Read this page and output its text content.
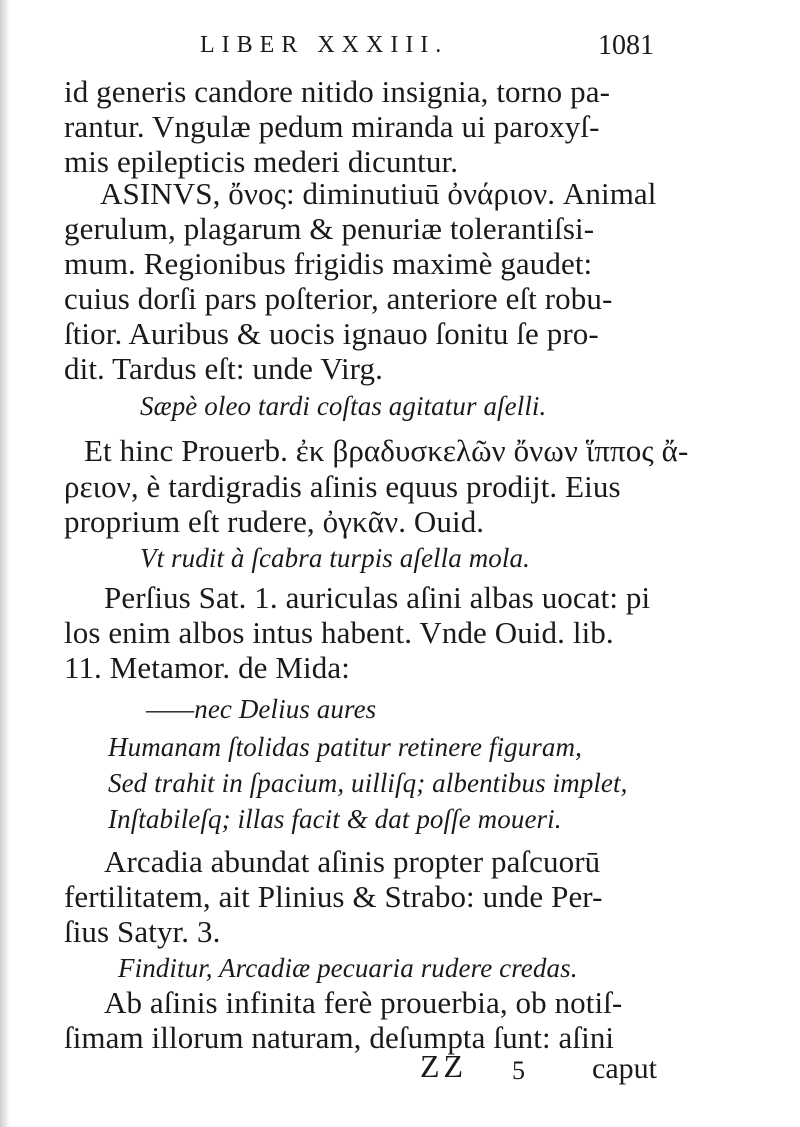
LIBER XXXIII.	1081
id generis candore nitido insignia, torno pa-
rantur. Vngulæ pedum miranda ui paroxyſ-
mis epilepticis mederi dicuntur.
ASINVS, ὄνος: diminutiuū ὀνάριον. Animal
gerulum, plagarum & penuriæ tolerantiſsi-
mum. Regionibus frigidis maximè gaudet:
cuius dorſi pars poſterior, anteriore eſt robu-
ſtior. Auribus & uocis ignauo ſonitu ſe pro-
dit. Tardus eſt: unde Virg.
Sæpè oleo tardi coſtas agitatur aſelli.
Et hinc Prouerb. ἐκ βραδυσκελῶν ὄνων ἵππος ἄ-
ρειον, è tardigradis aſinis equus prodijt. Eius
proprium eſt rudere, ὀγκᾶν. Ouid.
Vt rudit à ſcabra turpis aſella mola.
Perſius Sat. 1. auriculas aſini albas uocat: pi
los enim albos intus habent. Vnde Ouid. lib.
11. Metamor. de Mida:
——nec Delius aures
Humanam ſtolidas patitur retinere figuram,
Sed trahit in ſpacium, uilliſq; albentibus implet,
Inſtabileſq; illas facit & dat poſſe moueri.
Arcadia abundat aſinis propter paſcuorū
fertilitatem, ait Plinius & Strabo: unde Per-
ſius Satyr. 3.
Finditur, Arcadiæ pecuaria rudere credas.
Ab aſinis infinita ferè prouerbia, ob notiſ-
ſimam illorum naturam, deſumpta ſunt: aſini
ZZ 5 caput
